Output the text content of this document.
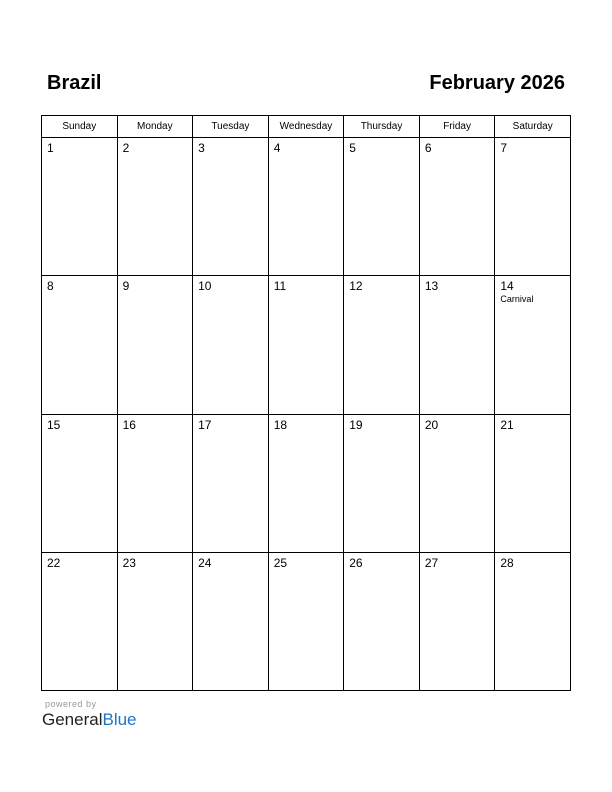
Brazil	February 2026
Sunday	Monday	Tuesday	Wednesday	Thursday	Friday	Saturday

1	2	3	4	5	6	7

8	9	10	11	12	13	14
Carnival

15	16	17	18	19	20	21

22	23	24	25	26	27	28
powered by
GeneralBlue
